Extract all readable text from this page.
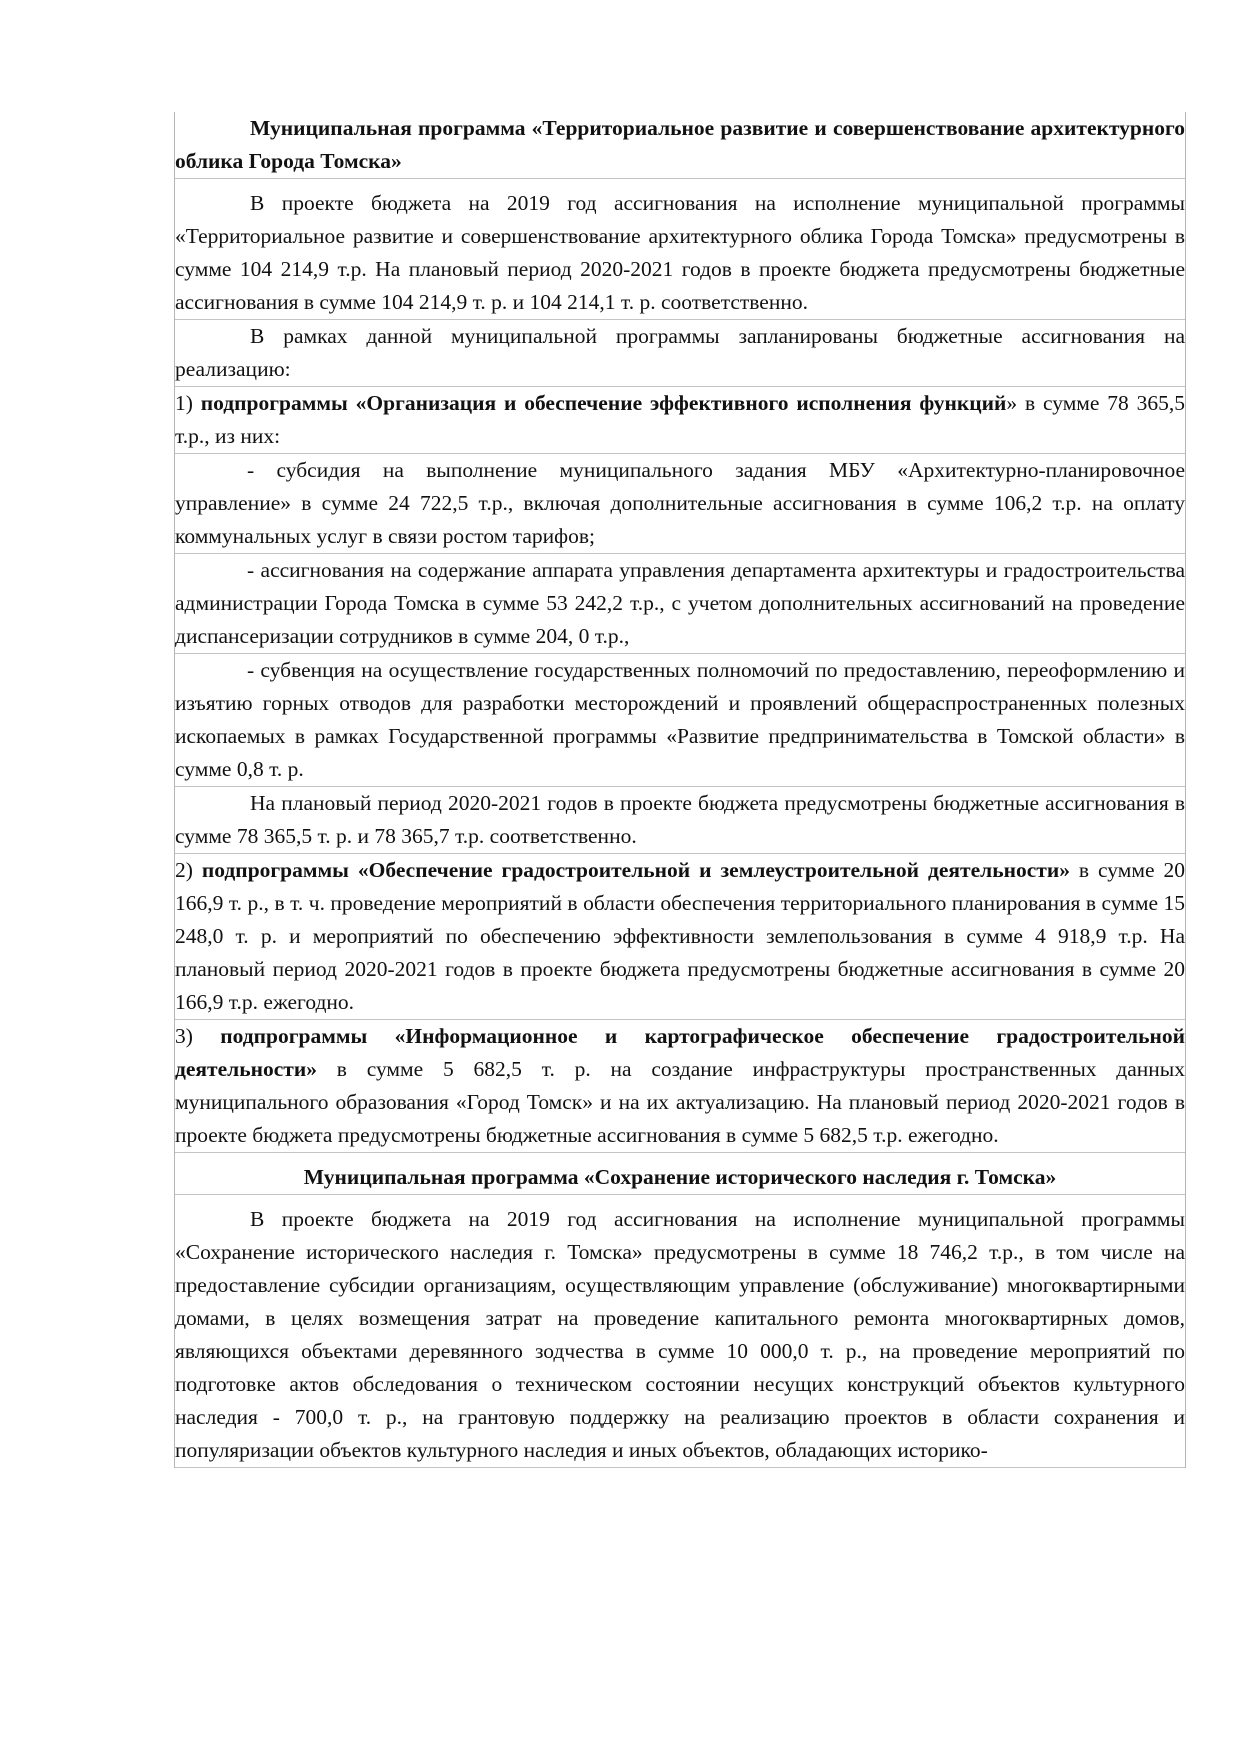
Муниципальная программа «Территориальное развитие и совершенствование архитектурного облика Города Томска»

В проекте бюджета на 2019 год ассигнования на исполнение муниципальной программы «Территориальное развитие и совершенствование архитектурного облика Города Томска» предусмотрены в сумме 104 214,9 т.р. На плановый период 2020-2021 годов в проекте бюджета предусмотрены бюджетные ассигнования в сумме 104 214,9 т. р. и 104 214,1 т. р. соответственно.

В рамках данной муниципальной программы запланированы бюджетные ассигнования на реализацию:

1) подпрограммы «Организация и обеспечение эффективного исполнения функций» в сумме 78 365,5 т.р., из них:

- субсидия на выполнение муниципального задания МБУ «Архитектурно-планировочное управление» в сумме 24 722,5 т.р., включая дополнительные ассигнования в сумме 106,2 т.р. на оплату коммунальных услуг в связи ростом тарифов;

- ассигнования на содержание аппарата управления департамента архитектуры и градостроительства администрации Города Томска в сумме 53 242,2 т.р., с учетом дополнительных ассигнований на проведение диспансеризации сотрудников в сумме 204, 0 т.р.,

- субвенция на осуществление государственных полномочий по предоставлению, переоформлению и изъятию горных отводов для разработки месторождений и проявлений общераспространенных полезных ископаемых в рамках Государственной программы «Развитие предпринимательства в Томской области» в сумме 0,8 т. р.

На плановый период 2020-2021 годов в проекте бюджета предусмотрены бюджетные ассигнования в сумме 78 365,5 т. р. и 78 365,7 т.р. соответственно.

2) подпрограммы «Обеспечение градостроительной и землеустроительной деятельности» в сумме 20 166,9 т. р., в т. ч. проведение мероприятий в области обеспечения территориального планирования в сумме 15 248,0 т. р. и мероприятий по обеспечению эффективности землепользования в сумме 4 918,9 т.р. На плановый период 2020-2021 годов в проекте бюджета предусмотрены бюджетные ассигнования в сумме 20 166,9 т.р. ежегодно.

3) подпрограммы «Информационное и картографическое обеспечение градостроительной деятельности» в сумме 5 682,5 т. р. на создание инфраструктуры пространственных данных муниципального образования «Город Томск» и на их актуализацию. На плановый период 2020-2021 годов в проекте бюджета предусмотрены бюджетные ассигнования в сумме 5 682,5 т.р. ежегодно.

Муниципальная программа «Сохранение исторического наследия г. Томска»

В проекте бюджета на 2019 год ассигнования на исполнение муниципальной программы «Сохранение исторического наследия г. Томска» предусмотрены в сумме 18 746,2 т.р., в том числе на предоставление субсидии организациям, осуществляющим управление (обслуживание) многоквартирными домами, в целях возмещения затрат на проведение капитального ремонта многоквартирных домов, являющихся объектами деревянного зодчества в сумме 10 000,0 т. р., на проведение мероприятий по подготовке актов обследования о техническом состоянии несущих конструкций объектов культурного наследия - 700,0 т. р., на грантовую поддержку на реализацию проектов в области сохранения и популяризации объектов культурного наследия и иных объектов, обладающих историко-
